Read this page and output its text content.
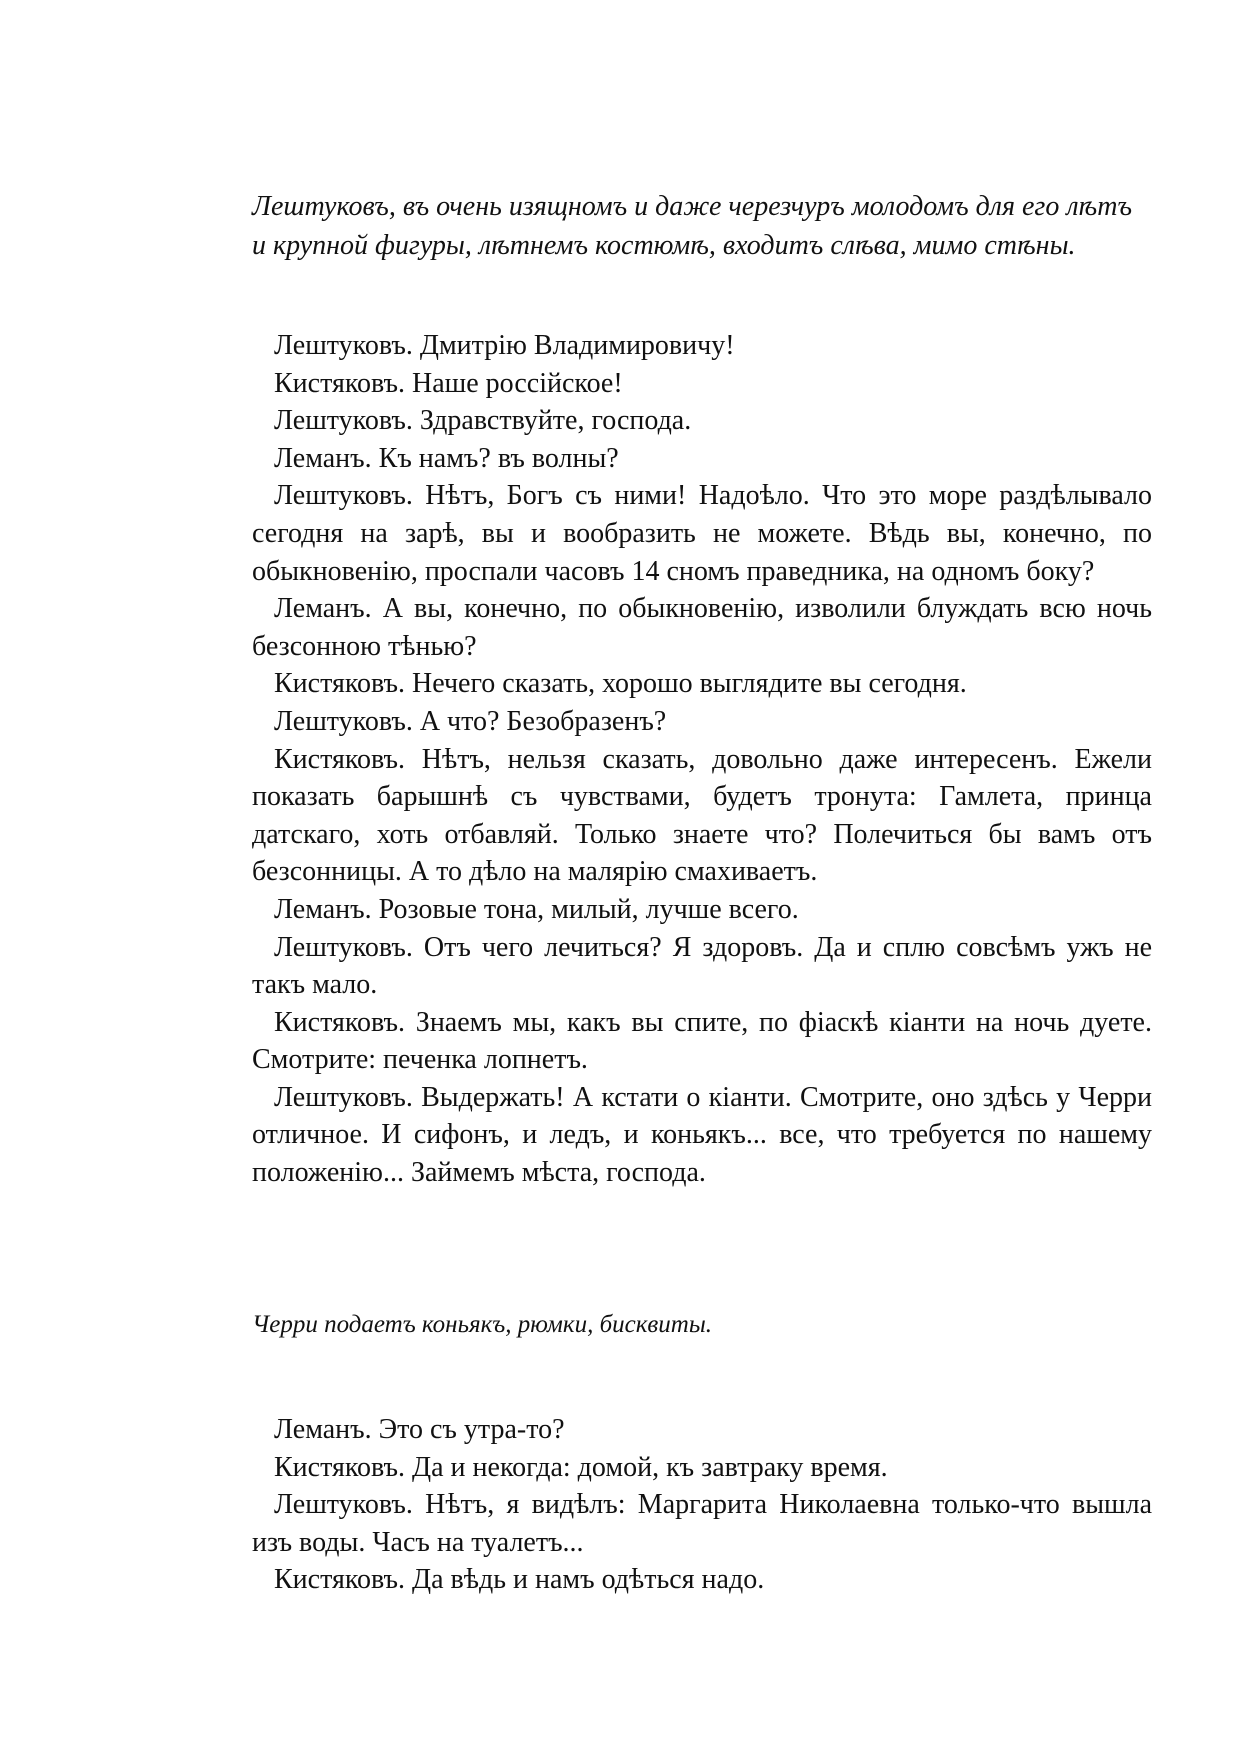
Лештуковъ, въ очень изящномъ и даже черезчуръ молодомъ для его лѣтъ и крупной фигуры, лѣтнемъ костюмѣ, входитъ слѣва, мимо стѣны.

Лештуковъ. Дмитрію Владимировичу!

Кистяковъ. Наше россійское!

Лештуковъ. Здравствуйте, господа.

Леманъ. Къ намъ? въ волны?

Лештуковъ. Нѣтъ, Богъ съ ними! Надоѣло. Что это море раздѣлывало сегодня на зарѣ, вы и вообразить не можете. Вѣдь вы, конечно, по обыкновенію, проспали часовъ 14 сномъ праведника, на одномъ боку?

Леманъ. А вы, конечно, по обыкновенію, изволили блуждать всю ночь безсонною тѣнью?

Кистяковъ. Нечего сказать, хорошо выглядите вы сегодня.

Лештуковъ. А что? Безобразенъ?

Кистяковъ. Нѣтъ, нельзя сказать, довольно даже интересенъ. Ежели показать барышнѣ съ чувствами, будетъ тронута: Гамлета, принца датскаго, хоть отбавляй. Только знаете что? Полечиться бы вамъ отъ безсонницы. А то дѣло на малярію смахиваетъ.

Леманъ. Розовые тона, милый, лучше всего.

Лештуковъ. Отъ чего лечиться? Я здоровъ. Да и сплю совсѣмъ ужъ не такъ мало.

Кистяковъ. Знаемъ мы, какъ вы спите, по фіаскѣ кіанти на ночь дуете. Смотрите: печенка лопнетъ.

Лештуковъ. Выдержать! А кстати о кіанти. Смотрите, оно здѣсь у Черри отличное. И сифонъ, и ледъ, и коньякъ... все, что требуется по нашему положенію... Займемъ мѣста, господа.

Черри подаетъ коньякъ, рюмки, бисквиты.

Леманъ. Это съ утра-то?

Кистяковъ. Да и некогда: домой, къ завтраку время.

Лештуковъ. Нѣтъ, я видѣлъ: Маргарита Николаевна только-что вышла изъ воды. Часъ на туалетъ...

Кистяковъ. Да вѣдь и намъ одѣться надо.
